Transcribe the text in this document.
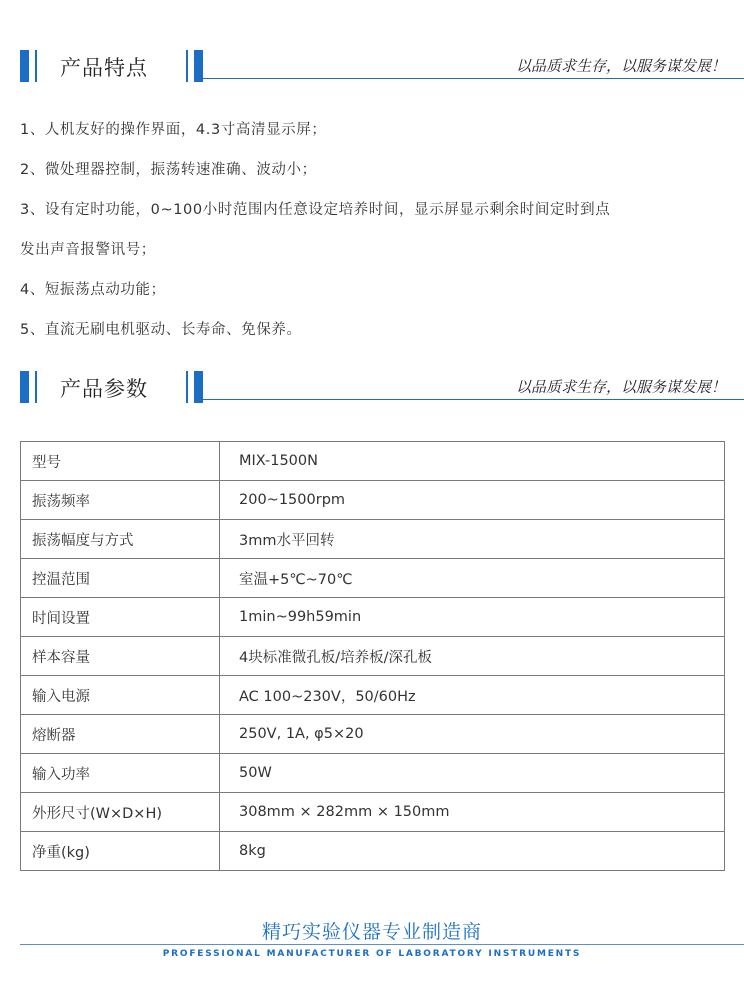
产品特点	以品质求生存，以服务谋发展！
1、人机友好的操作界面，4.3寸高清显示屏；
2、微处理器控制，振荡转速准确、波动小；
3、设有定时功能，0~100小时范围内任意设定培养时间，显示屏显示剩余时间定时到点
发出声音报警讯号；
4、短振荡点动功能；
5、直流无刷电机驱动、长寿命、免保养。
产品参数	以品质求生存，以服务谋发展！
型号	MIX-1500N
振荡频率	200~1500rpm
振荡幅度与方式	3mm水平回转
控温范围	室温+5℃~70℃
时间设置	1min~99h59min
样本容量	4块标准微孔板/培养板/深孔板
输入电源	AC 100~230V，50/60Hz
熔断器	250V, 1A, φ5×20
输入功率	50W
外形尺寸(W×D×H)	308mm × 282mm × 150mm
净重(kg)	8kg
精巧实验仪器专业制造商
PROFESSIONAL MANUFACTURER OF LABORATORY INSTRUMENTS
